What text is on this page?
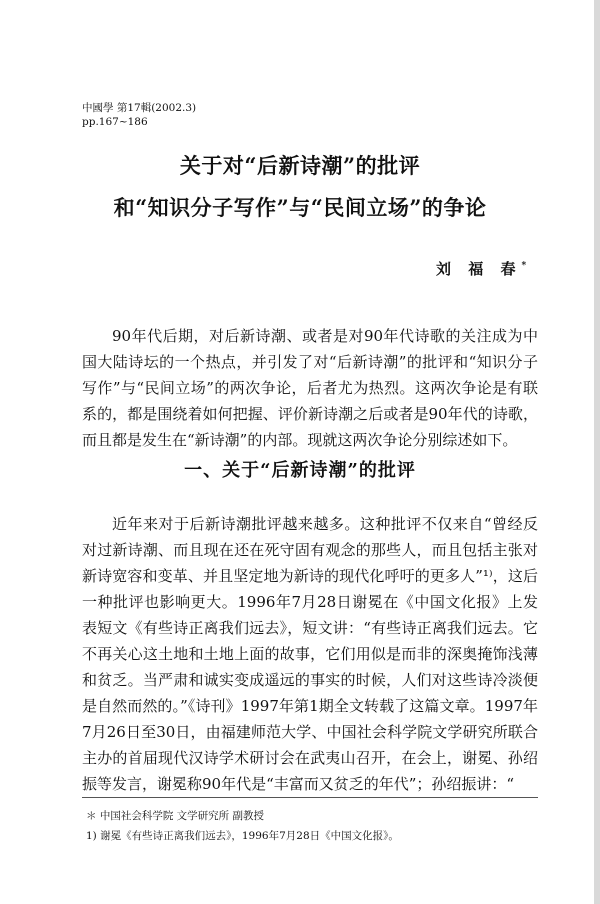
中國學 第17輯(2002.3)
pp.167~186
关于对“后新诗潮”的批评
和“知识分子写作”与“民间立场”的争论
刘 福 春*
90年代后期，对后新诗潮、或者是对90年代诗歌的关注成为中国大陆诗坛的一个热点，并引发了对“后新诗潮”的批评和“知识分子写作”与“民间立场”的两次争论，后者尤为热烈。这两次争论是有联系的，都是围绕着如何把握、评价新诗潮之后或者是90年代的诗歌，而且都是发生在“新诗潮”的内部。现就这两次争论分别综述如下。
一、关于“后新诗潮”的批评
近年来对于后新诗潮批评越来越多。这种批评不仅来自“曾经反对过新诗潮、而且现在还在死守固有观念的那些人，而且包括主张对新诗宽容和变革、并且坚定地为新诗的现代化呼吁的更多人”¹⁾，这后一种批评也影响更大。1996年7月28日谢冕在《中国文化报》上发表短文《有些诗正离我们远去》，短文讲：“有些诗正离我们远去。它不再关心这土地和土地上面的故事，它们用似是而非的深奥掩饰浅薄和贫乏。当严肃和诚实变成遥远的事实的时候，人们对这些诗冷淡便是自然而然的。”《诗刊》1997年第1期全文转载了这篇文章。1997年7月26日至30日，由福建师范大学、中国社会科学院文学研究所联合主办的首届现代汉诗学术研讨会在武夷山召开，在会上，谢冕、孙绍振等发言，谢冕称90年代是“丰富而又贫乏的年代”；孙绍振讲：“
＊ 中国社会科学院 文学研究所 副教授
1) 谢冕《有些诗正离我们远去》，1996年7月28日《中国文化报》。
